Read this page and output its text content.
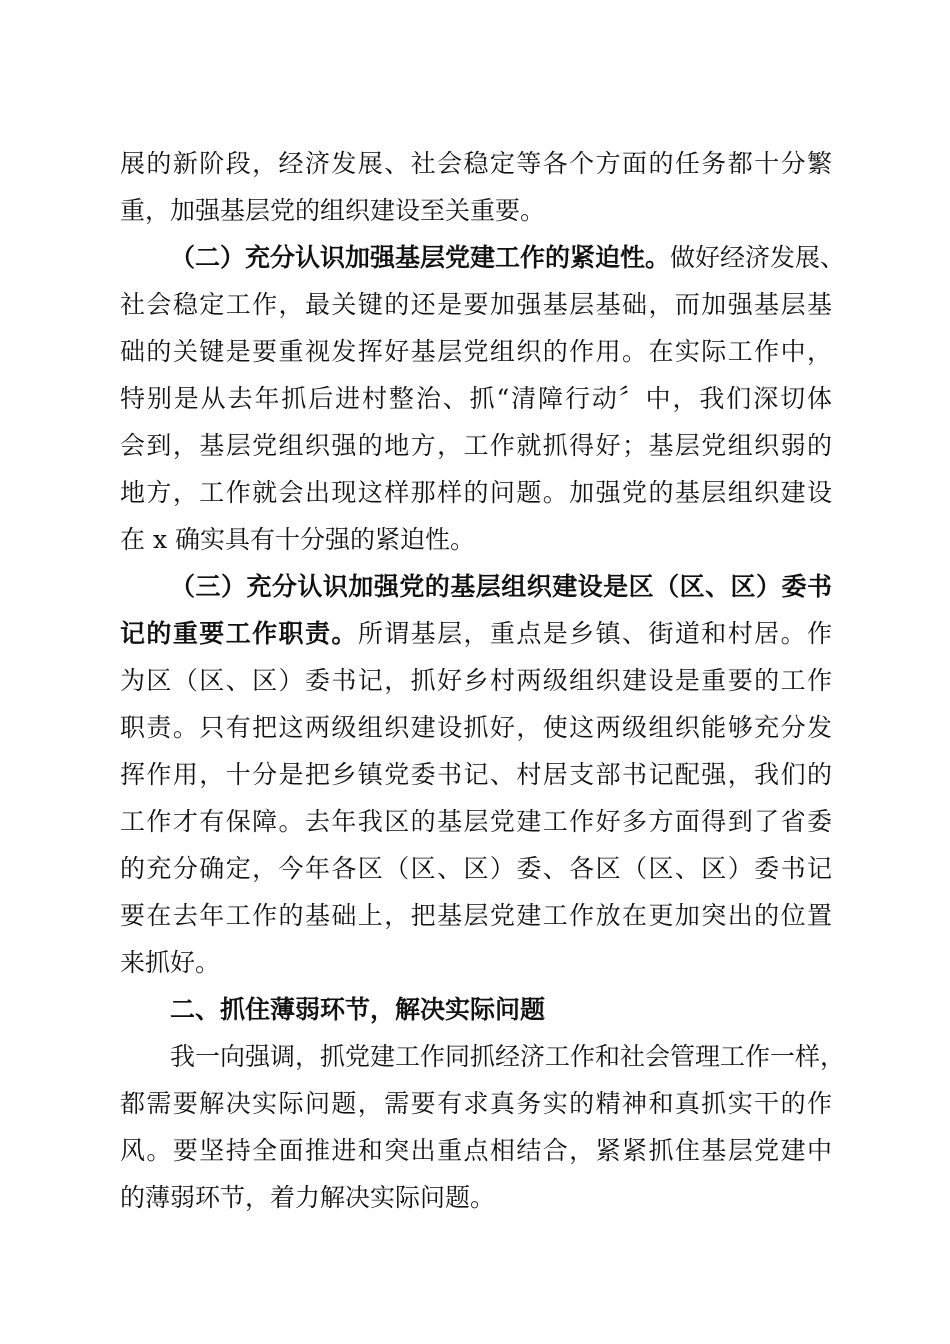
展的新阶段，经济发展、社会稳定等各个方面的任务都十分繁
重，加强基层党的组织建设至关重要。
（二）充分认识加强基层党建工作的紧迫性。做好经济发展、
社会稳定工作，最关键的还是要加强基层基础，而加强基层基
础的关键是要重视发挥好基层党组织的作用。在实际工作中，
特别是从去年抓后进村整治、抓“清障行动〞中，我们深切体
会到，基层党组织强的地方，工作就抓得好；基层党组织弱的
地方，工作就会出现这样那样的问题。加强党的基层组织建设
在 x 确实具有十分强的紧迫性。
（三）充分认识加强党的基层组织建设是区（区、区）委书
记的重要工作职责。所谓基层，重点是乡镇、街道和村居。作
为区（区、区）委书记，抓好乡村两级组织建设是重要的工作
职责。只有把这两级组织建设抓好，使这两级组织能够充分发
挥作用，十分是把乡镇党委书记、村居支部书记配强，我们的
工作才有保障。去年我区的基层党建工作好多方面得到了省委
的充分确定，今年各区（区、区）委、各区（区、区）委书记
要在去年工作的基础上，把基层党建工作放在更加突出的位置
来抓好。
二、抓住薄弱环节，解决实际问题
我一向强调，抓党建工作同抓经济工作和社会管理工作一样，
都需要解决实际问题，需要有求真务实的精神和真抓实干的作
风。要坚持全面推进和突出重点相结合，紧紧抓住基层党建中
的薄弱环节，着力解决实际问题。
